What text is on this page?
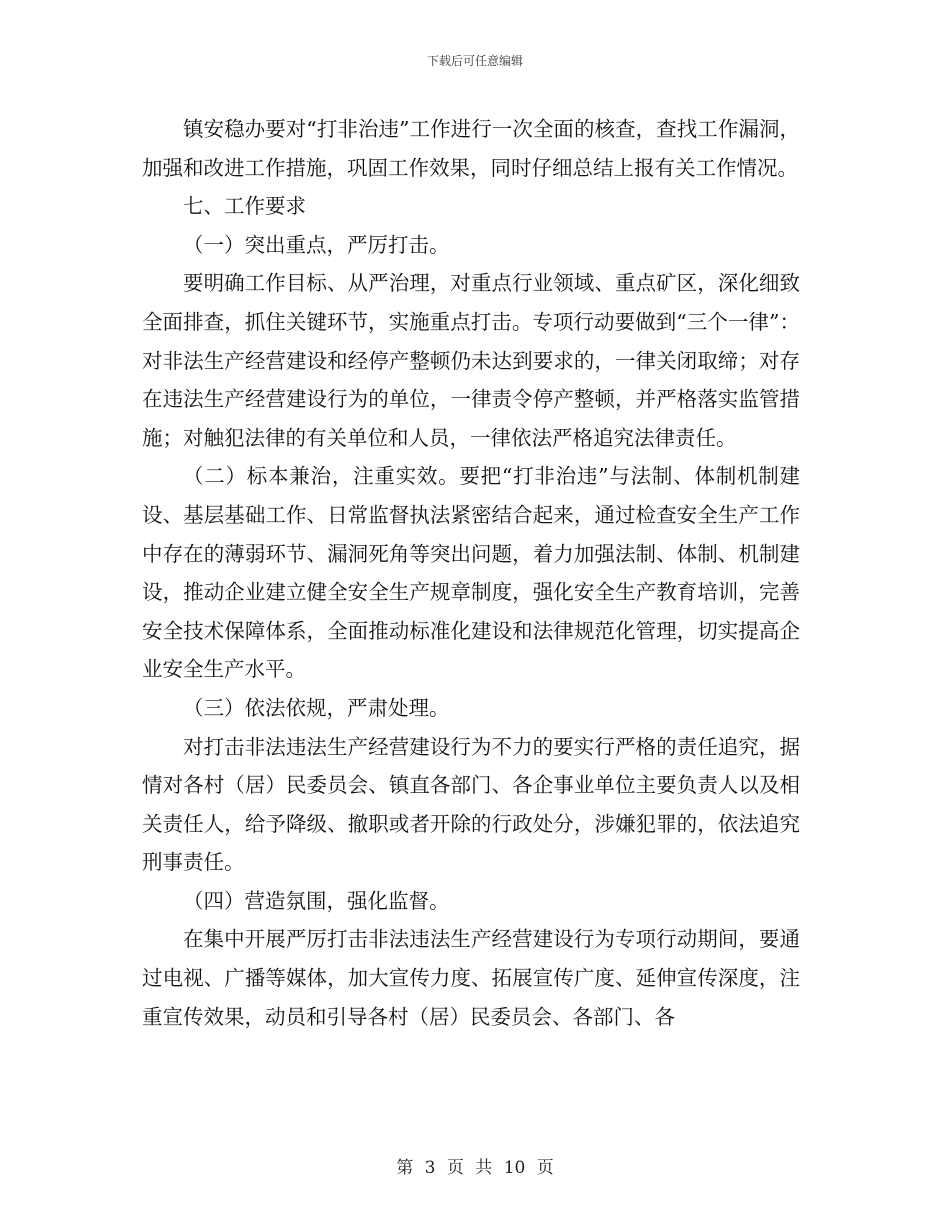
下载后可任意编辑

镇安稳办要对“打非治违”工作进行一次全面的核查，查找工作漏洞，加强和改进工作措施，巩固工作效果，同时仔细总结上报有关工作情况。

七、工作要求

（一）突出重点，严厉打击。

要明确工作目标、从严治理，对重点行业领域、重点矿区，深化细致全面排查，抓住关键环节，实施重点打击。专项行动要做到“三个一律”：对非法生产经营建设和经停产整顿仍未达到要求的，一律关闭取缔；对存在违法生产经营建设行为的单位，一律责令停产整顿，并严格落实监管措施；对触犯法律的有关单位和人员，一律依法严格追究法律责任。

（二）标本兼治，注重实效。要把“打非治违”与法制、体制机制建设、基层基础工作、日常监督执法紧密结合起来，通过检查安全生产工作中存在的薄弱环节、漏洞死角等突出问题，着力加强法制、体制、机制建设，推动企业建立健全安全生产规章制度，强化安全生产教育培训，完善安全技术保障体系，全面推动标准化建设和法律规范化管理，切实提高企业安全生产水平。

（三）依法依规，严肃处理。

对打击非法违法生产经营建设行为不力的要实行严格的责任追究，据情对各村（居）民委员会、镇直各部门、各企事业单位主要负责人以及相关责任人，给予降级、撤职或者开除的行政处分，涉嫌犯罪的，依法追究刑事责任。

（四）营造氛围，强化监督。

在集中开展严厉打击非法违法生产经营建设行为专项行动期间，要通过电视、广播等媒体，加大宣传力度、拓展宣传广度、延伸宣传深度，注重宣传效果，动员和引导各村（居）民委员会、各部门、各

第 3 页 共 10 页
